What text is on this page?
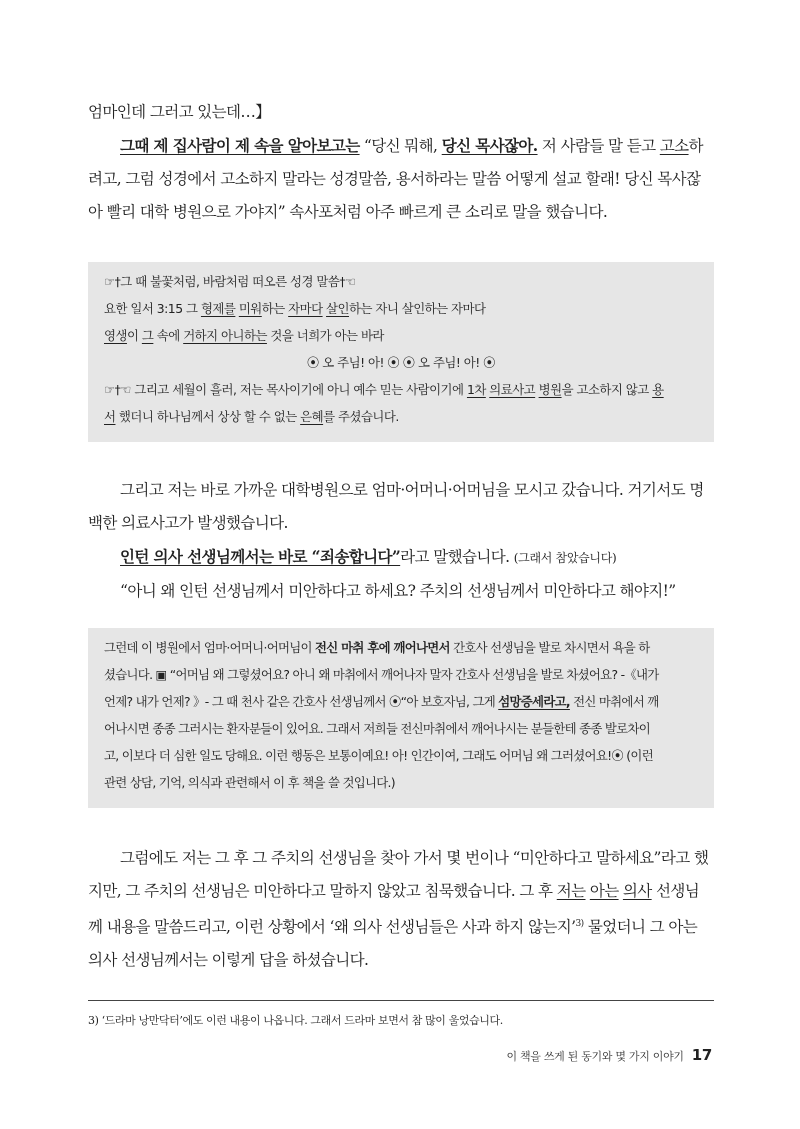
엄마인데 그러고 있는데…】
그때 제 집사람이 제 속을 알아보고는 “당신 뭐해, 당신 목사잖아. 저 사람들 말 듣고 고소하
려고, 그럼 성경에서 고소하지 말라는 성경말씀, 용서하라는 말씀 어떻게 설교 할래! 당신 목사잖
아 빨리 대학 병원으로 가야지” 속사포처럼 아주 빠르게 큰 소리로 말을 했습니다.
☞†그 때 불꽃처럼, 바람처럼 떠오른 성경 말씀†☜
요한 일서 3:15 그 형제를 미워하는 자마다 살인하는 자니 살인하는 자마다
영생이 그 속에 거하지 아니하는 것을 너희가 아는 바라
⦿ 오 주님! 아! ⦿ ⦿ 오 주님! 아! ⦿
☞†☜ 그리고 세월이 흘러, 저는 목사이기에 아니 예수 믿는 사람이기에 1차 의료사고 병원을 고소하지 않고 용
서 했더니 하나님께서 상상 할 수 없는 은혜를 주셨습니다.
그리고 저는 바로 가까운 대학병원으로 엄마·어머니·어머님을 모시고 갔습니다. 거기서도 명
백한 의료사고가 발생했습니다.
인턴 의사 선생님께서는 바로 “죄송합니다”라고 말했습니다. (그래서 참았습니다)
“아니 왜 인턴 선생님께서 미안하다고 하세요? 주치의 선생님께서 미안하다고 해야지!”
그런데 이 병원에서 엄마·어머니·어머님이 전신 마취 후에 깨어나면서 간호사 선생님을 발로 차시면서 욕을 하
셨습니다. ▣ “어머님 왜 그렇셨어요? 아니 왜 마취에서 깨어나자 말자 간호사 선생님을 발로 차셨어요? -《내가
언제? 내가 언제? 》- 그 때 천사 같은 간호사 선생님께서 ⦿“아 보호자님, 그게 섬망증세라고, 전신 마취에서 깨
어나시면 종종 그러시는 환자분들이 있어요. 그래서 저희들 전신마취에서 깨어나시는 분들한테 종종 발로차이
고, 이보다 더 심한 일도 당해요. 이런 행동은 보통이예요! 아! 인간이여, 그래도 어머님 왜 그러셨어요!⦿ (이런
관련 상담, 기억, 의식과 관련해서 이 후 책을 쓸 것입니다.)
그럼에도 저는 그 후 그 주치의 선생님을 찾아 가서 몇 번이나 “미안하다고 말하세요”라고 했
지만, 그 주치의 선생님은 미안하다고 말하지 않았고 침묵했습니다. 그 후 저는 아는 의사 선생님
께 내용을 말씀드리고, 이런 상황에서 ‘왜 의사 선생님들은 사과 하지 않는지’$^{3)}$ 물었더니 그 아는
의사 선생님께서는 이렇게 답을 하셨습니다.
3) ‘드라마 낭만닥터’에도 이런 내용이 나옵니다. 그래서 드라마 보면서 참 많이 울었습니다.
이 책을 쓰게 된 동기와 몇 가지 이야기 17
